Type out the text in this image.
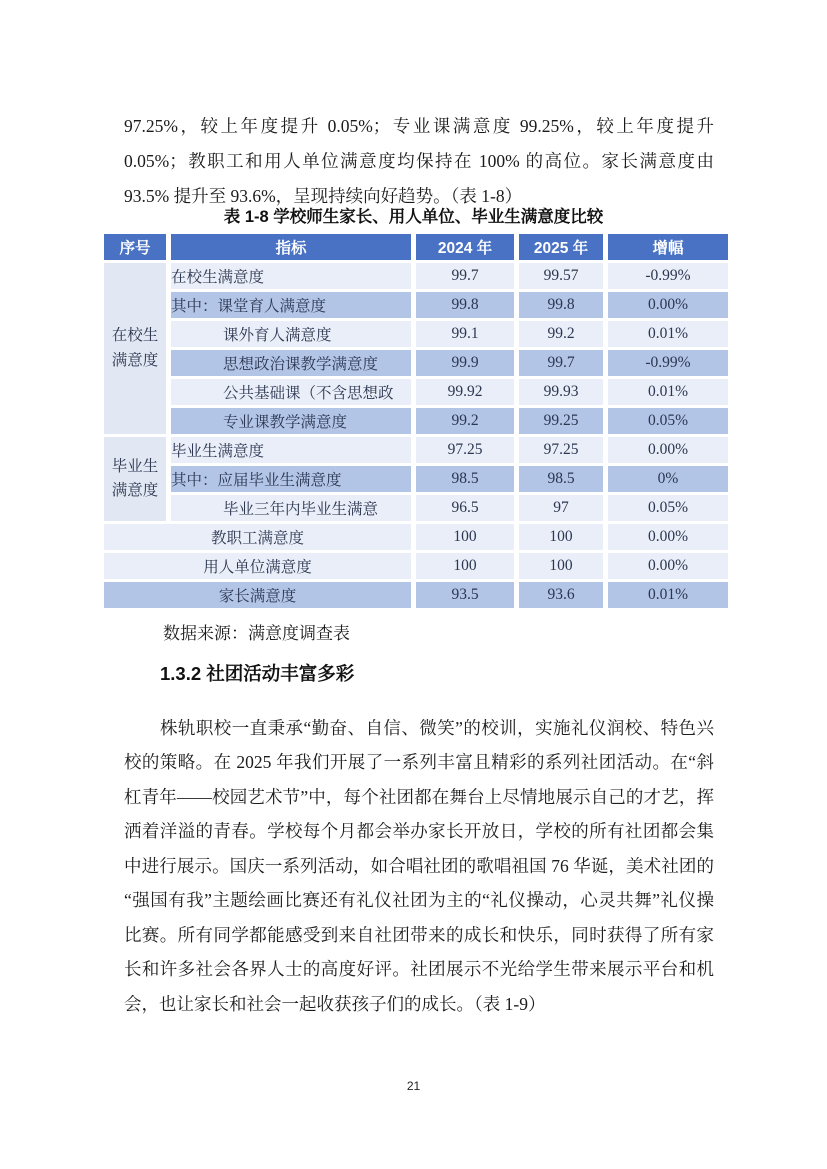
97.25%，较上年度提升 0.05%；专业课满意度 99.25%，较上年度提升 0.05%；教职工和用人单位满意度均保持在 100% 的高位。家长满意度由 93.5% 提升至 93.6%，呈现持续向好趋势。（表 1-8）

表 1-8 学校师生家长、用人单位、毕业生满意度比较
序号	指标	2024 年	2025 年	增幅

在校生
满意度	在校生满意度	99.7	99.57	-0.99%
	其中：课堂育人满意度	99.8	99.8	0.00%
	课外育人满意度	99.1	99.2	0.01%
	思想政治课教学满意度	99.9	99.7	-0.99%
	公共基础课（不含思想政	99.92	99.93	0.01%
	专业课教学满意度	99.2	99.25	0.05%

毕业生
满意度	毕业生满意度	97.25	97.25	0.00%
	其中：应届毕业生满意度	98.5	98.5	0%
	毕业三年内毕业生满意	96.5	97	0.05%
教职工满意度		100	100	0.00%
用人单位满意度		100	100	0.00%
家长满意度		93.5	93.6	0.01%
数据来源：满意度调查表
1.3.2 社团活动丰富多彩

株轨职校一直秉承“勤奋、自信、微笑”的校训，实施礼仪润校、特色兴校的策略。在 2025 年我们开展了一系列丰富且精彩的系列社团活动。在“斜杠青年——校园艺术节”中，每个社团都在舞台上尽情地展示自己的才艺，挥洒着洋溢的青春。学校每个月都会举办家长开放日，学校的所有社团都会集中进行展示。国庆一系列活动，如合唱社团的歌唱祖国 76 华诞，美术社团的“强国有我”主题绘画比赛还有礼仪社团为主的“礼仪操动，心灵共舞”礼仪操比赛。所有同学都能感受到来自社团带来的成长和快乐，同时获得了所有家长和许多社会各界人士的高度好评。社团展示不光给学生带来展示平台和机会，也让家长和社会一起收获孩子们的成长。（表 1-9）

21
